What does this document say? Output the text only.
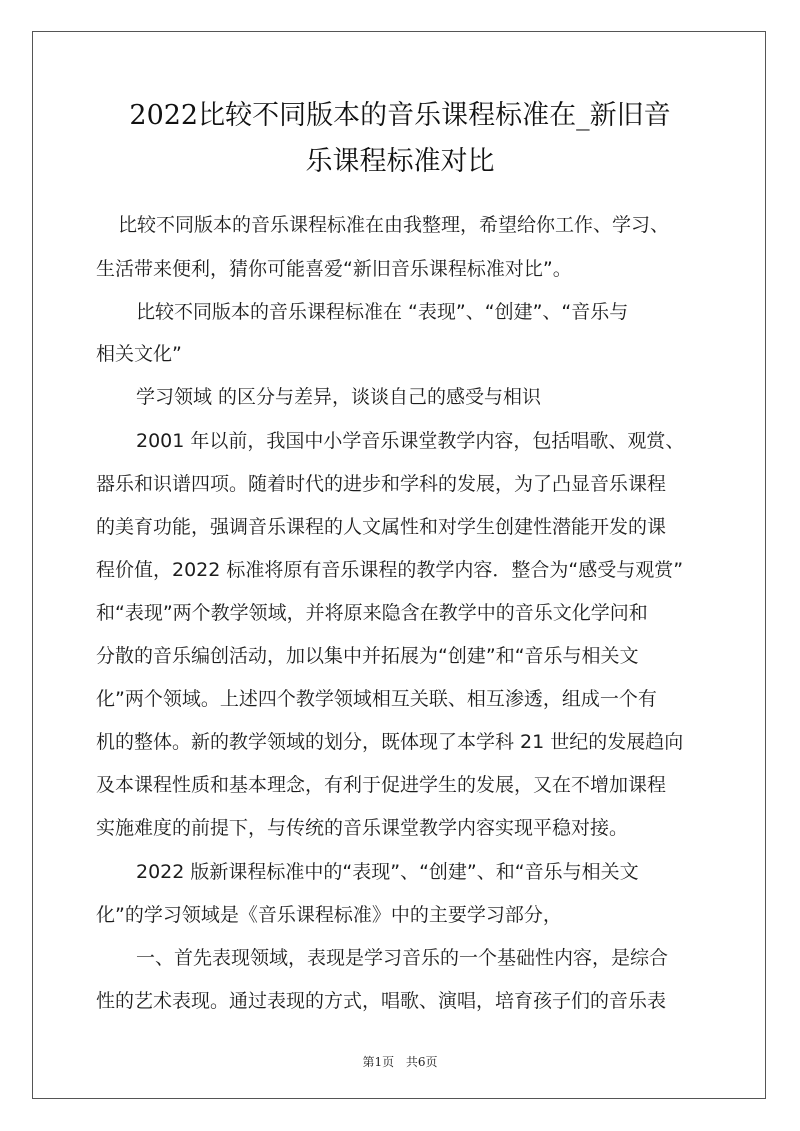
2022比较不同版本的音乐课程标准在_新旧音
乐课程标准对比
比较不同版本的音乐课程标准在由我整理，希望给你工作、学习、
生活带来便利，猜你可能喜爱“新旧音乐课程标准对比”。
比较不同版本的音乐课程标准在 “表现”、“创建”、“音乐与
相关文化”
学习领域 的区分与差异，谈谈自己的感受与相识
2001 年以前，我国中小学音乐课堂教学内容，包括唱歌、观赏、
器乐和识谱四项。随着时代的进步和学科的发展，为了凸显音乐课程
的美育功能，强调音乐课程的人文属性和对学生创建性潜能开发的课
程价值，2022 标准将原有音乐课程的教学内容．整合为“感受与观赏”
和“表现”两个教学领域，并将原来隐含在教学中的音乐文化学问和
分散的音乐编创活动，加以集中并拓展为“创建”和“音乐与相关文
化”两个领域。上述四个教学领域相互关联、相互渗透，组成一个有
机的整体。新的教学领域的划分，既体现了本学科 21 世纪的发展趋向
及本课程性质和基本理念，有利于促进学生的发展，又在不增加课程
实施难度的前提下，与传统的音乐课堂教学内容实现平稳对接。
2022 版新课程标准中的“表现”、“创建”、和“音乐与相关文
化”的学习领域是《音乐课程标准》中的主要学习部分，
一、首先表现领域，表现是学习音乐的一个基础性内容，是综合
性的艺术表现。通过表现的方式，唱歌、演唱，培育孩子们的音乐表
第1页 共6页
